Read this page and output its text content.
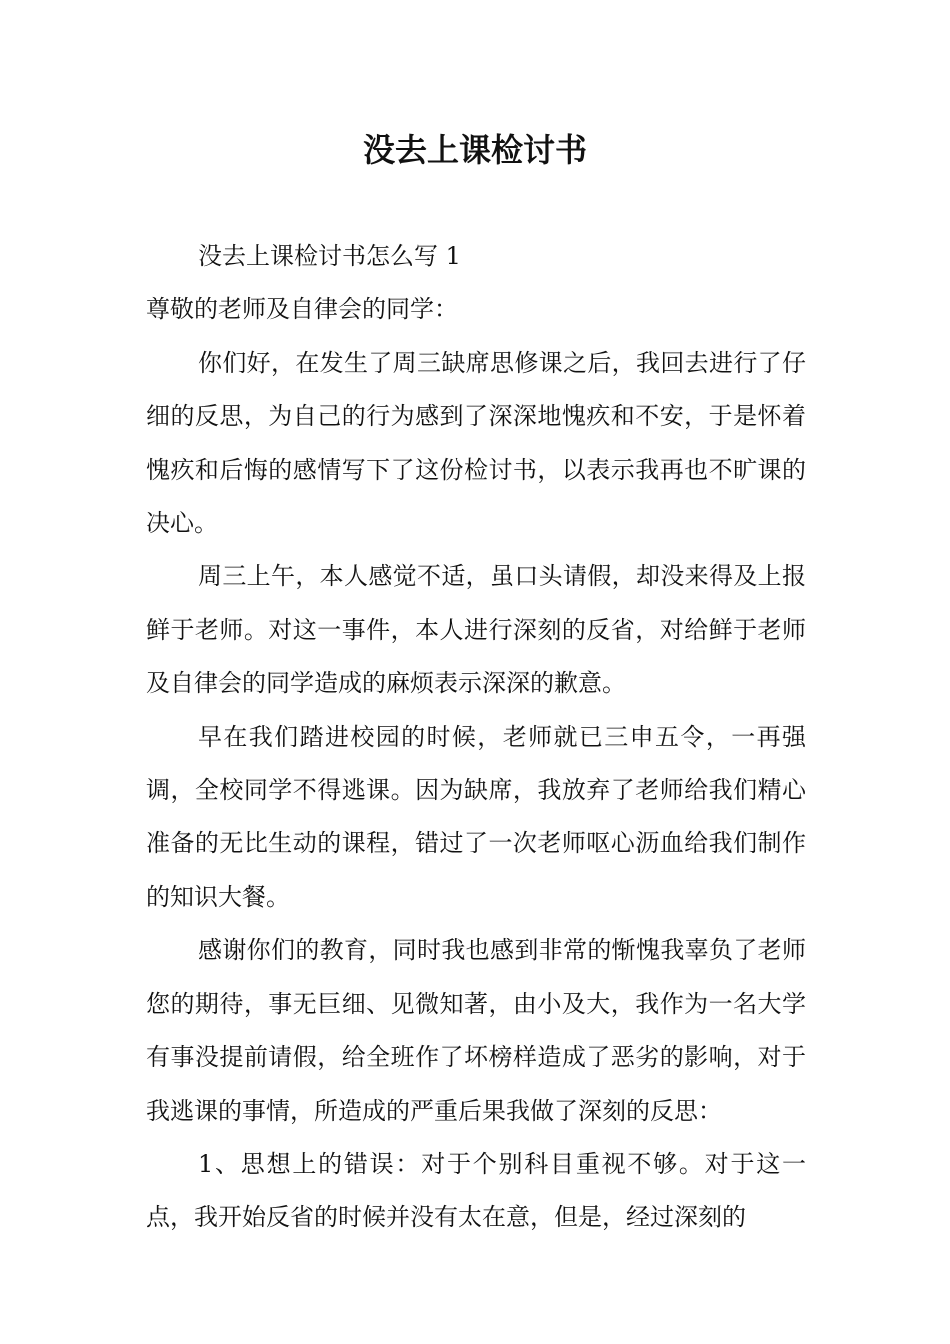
没去上课检讨书

没去上课检讨书怎么写 1

尊敬的老师及自律会的同学：

你们好，在发生了周三缺席思修课之后，我回去进行了仔细的反思，为自己的行为感到了深深地愧疚和不安，于是怀着愧疚和后悔的感情写下了这份检讨书，以表示我再也不旷课的决心。

周三上午，本人感觉不适，虽口头请假，却没来得及上报鲜于老师。对这一事件，本人进行深刻的反省，对给鲜于老师及自律会的同学造成的麻烦表示深深的歉意。

早在我们踏进校园的时候，老师就已三申五令，一再强调，全校同学不得逃课。因为缺席，我放弃了老师给我们精心准备的无比生动的课程，错过了一次老师呕心沥血给我们制作的知识大餐。

感谢你们的教育，同时我也感到非常的惭愧我辜负了老师您的期待，事无巨细、见微知著，由小及大，我作为一名大学有事没提前请假，给全班作了坏榜样造成了恶劣的影响，对于我逃课的事情，所造成的严重后果我做了深刻的反思：

1、思想上的错误：对于个别科目重视不够。对于这一点，我开始反省的时候并没有太在意，但是，经过深刻的
